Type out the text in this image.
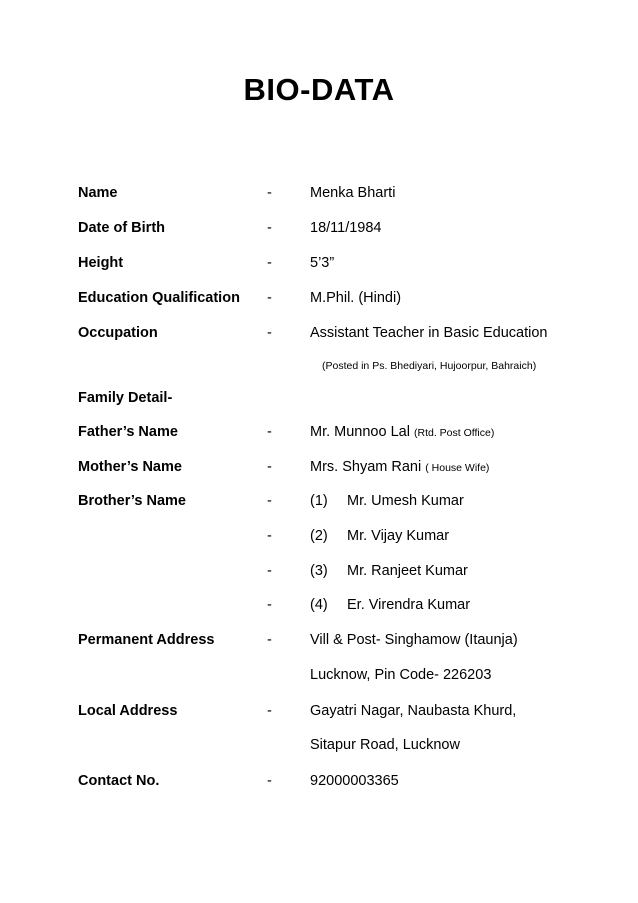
BIO-DATA
Name	-	Menka Bharti
Date of Birth	-	18/11/1984
Height	-	5’3”
Education Qualification -	M.Phil. (Hindi)
Occupation	-	Assistant Teacher in Basic Education
(Posted in Ps. Bhediyari, Hujoorpur, Bahraich)
Family Detail-
Father’s Name	-	Mr. Munnoo Lal (Rtd. Post Office)
Mother’s Name	-	Mrs. Shyam Rani ( House Wife)
Brother’s Name	-	(1) Mr. Umesh Kumar
-	(2) Mr. Vijay Kumar
-	(3) Mr. Ranjeet Kumar
-	(4) Er. Virendra Kumar
Permanent Address	-	Vill & Post- Singhamow (Itaunja)
Lucknow, Pin Code- 226203
Local Address	-	Gayatri Nagar, Naubasta Khurd,
Sitapur Road, Lucknow
Contact No.	-	92000003365
